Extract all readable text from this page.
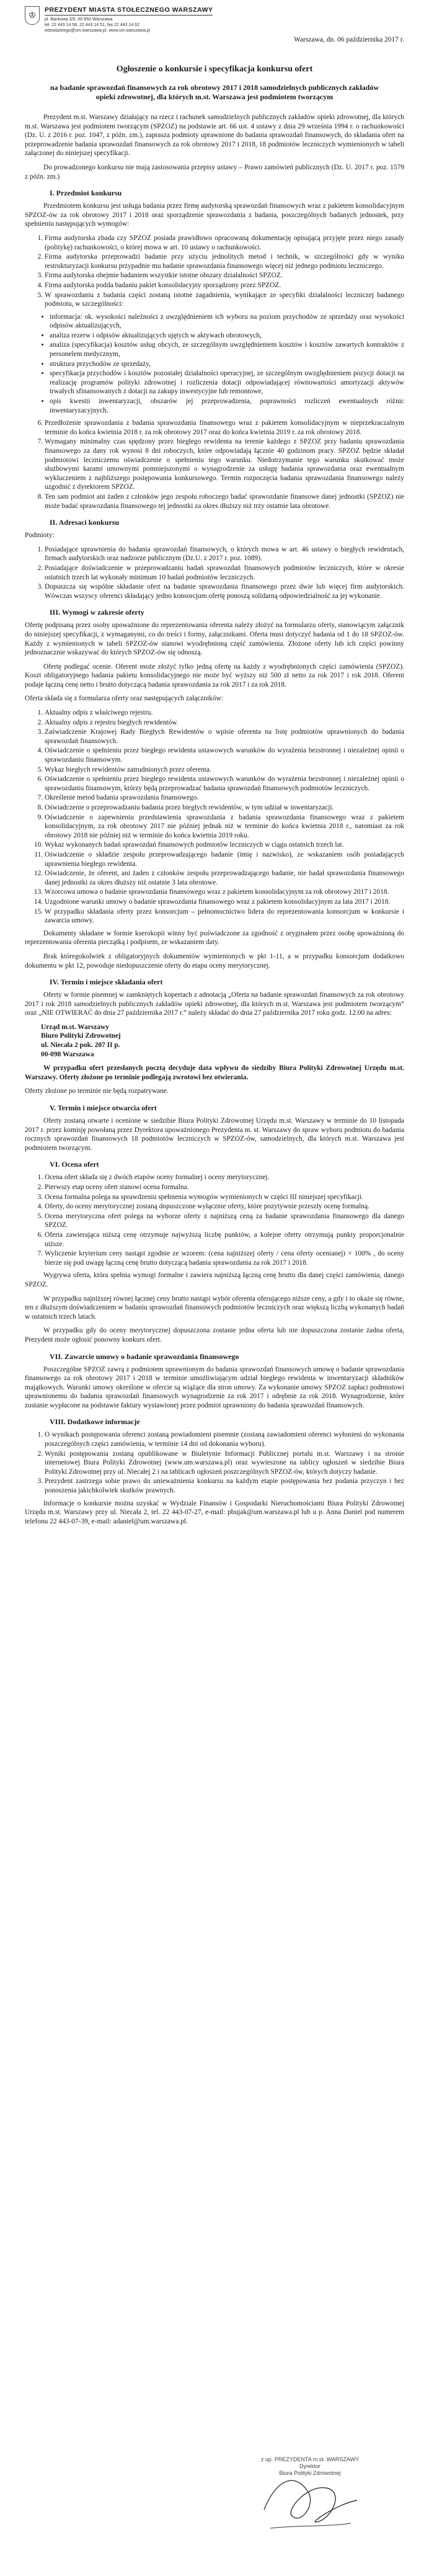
♔
PREZYDENT MIASTA STOŁECZNEGO WARSZAWY
pl. Bankowy 3/5, 00-950 Warszawa
tel. 22 443 14 58, 22 443 14 51, fax 22 443 14 62
edzwiazkiego@um.warszawa.pl, www.um.warszawa.pl
Warszawa, dn. 06 października 2017 r.
Ogłoszenie o konkursie i specyfikacja konkursu ofert
na badanie sprawozdań finansowych za rok obrotowy 2017 i 2018 samodzielnych publicznych zakładów opieki zdrowotnej, dla których m.st. Warszawa jest podmiotem tworzącym

Prezydent m.st. Warszawy działający na rzecz i rachunek samodzielnych publicznych zakładów opieki zdrowotnej, dla których m.st. Warszawa jest podmiotem tworzącym (SPZOZ) na podstawie art. 66 ust. 4 ustawy z dnia 29 września 1994 r. o rachunkowości (Dz. U. z 2016 r. poz. 1047, z późn. zm.), zaprasza podmioty uprawnione do badania sprawozdań finansowych, do składania ofert na przeprowadzenie badania sprawozdań finansowych za rok obrotowy 2017 i 2018, 18 podmiotów leczniczych wymienionych w tabeli załączonej do niniejszej specyfikacji.

Do prowadzonego konkursu nie mają zastosowania przepisy ustawy – Prawo zamówień publicznych (Dz. U. 2017 r. poz. 1579 z późn. zm.)

I. Przedmiot konkursu

Przedmiotem konkursu jest usługa badania przez firmę audytorską sprawozdań finansowych wraz z pakietem konsolidacyjnym SPZOZ-ów za rok obrotowy 2017 i 2018 oraz sporządzenie sprawozdania z badania, poszczególnych badanych jednostek, przy spełnieniu następujących wymogów:

1. Firma audytorska zbada czy SPZOZ posiada prawidłowo opracowaną dokumentację opisującą przyjęte przez niego zasady (politykę) rachunkowości, o której mowa w art. 10 ustawy o rachunkowości.
2. Firma audytorska przeprowadzi badanie przy użyciu jednolitych metod i technik, w szczególności gdy w wyniku restrukturyzacji konkursu przypadnie mu badanie sprawozdania finansowego więcej niż jednego podmiotu leczniczego.
3. Firma audytorska obejmie badaniem wszystkie istotne obszary działalności SPZOZ.
4. Firma audytorska podda badaniu pakiet konsolidacyjny sporządzony przez SPZOZ.
5. W sprawozdaniu z badania części zostaną istotne zagadnienia, wynikające ze specyfiki działalności leczniczej badanego podmiotu, w szczególności:
• informacja: ok. wysokości należności z uwzględnieniem ich wyboru na poziom przychodów ze sprzedaży oraz wysokości odpisów aktualizujących,
• analiza rezerw i odpisów aktualizujących ujętych w aktywach obrotowych,
• analiza (specyfikacja) kosztów usług obcych, ze szczególnym uwzględnieniem kosztów i kosztów zawartych kontraktów z personelem medycznym,
• struktura przychodów ze sprzedaży,
• specyfikacja przychodów i kosztów pozostałej działalności operacyjnej, ze szczególnym uwzględnieniem pozycji dotacji na realizację programów polityki zdrowotnej i rozliczenia dotacji odpowiadającej równowartości amortyzacji aktywów trwałych sfinansowanych z dotacji na zakupy inwestycyjne lub remontowe,
• opis kwestii inwentaryzacji, obszarów jej przeprowadzenia, poprawności rozliczeń ewentualnych różnic inwentaryzacyjnych.
6. Przedłożenie sprawozdania z badania sprawozdania finansowego wraz z pakietem konsolidacyjnym w nieprzekraczalnym terminie do końca kwietnia 2018 r. za rok obrotowy 2017 oraz do końca kwietnia 2019 r. za rok obrotowy 2018.
7. Wymagany minimalny czas spędzony przez biegłego rewidenta na terenie każdego z SPZOZ przy badaniu sprawozdania finansowego za dany rok wynosi 8 dni roboczych, które odpowiadają łącznie 40 godzinom pracy. SPZOZ będzie składał podmiotowi leczniczemu oświadczenie o spełnieniu tego warunku. Niedotrzymanie tego warunku skutkować może służbowymi karami umownymi pomniejszonymi o wynagrodzenie za usługę badania sprawozdania oraz ewentualnym wykluczeniem z najbliższego postępowania konkursowego. Termin rozpoczęcia badania sprawozdania finansowego należy uzgodnić z dyrektorem SPZOZ.
8. Ten sam podmiot ani żaden z członków jego zespołu roboczego badać sprawozdanie finansowe danej jednostki (SPZOZ) nie może badać sprawozdania finansowego tej jednostki za okres dłuższy niż trzy ostatnie lata obrotowe.
II. Adresaci konkursu

Podmioty:

1. Posiadające uprawnienia do badania sprawozdań finansowych, o których mowa w art. 46 ustawy o biegłych rewidentach, firmach audytorskich oraz nadzorze publicznym (Dz.U. z 2017 r. poz. 1089).
2. Posiadające doświadczenie w przeprowadzaniu badań sprawozdań finansowych podmiotów leczniczych, które w okresie ostatnich trzech lat wykonały minimum 10 badań podmiotów leczniczych.
3. Dopuszcza się wspólne składanie ofert na badanie sprawozdania finansowego przez dwie lub więcej firm audytorskich. Wówczas wszyscy oferenci składający jedno konsorcjum ofertę ponoszą solidarną odpowiedzialność za jej wykonanie.
III. Wymogi w zakresie oferty

Ofertę podpisaną przez osoby upoważnione do reprezentowania oferenta należy złożyć na formularzu oferty, stanowiącym załącznik do niniejszej specyfikacji, z wymaganymi, co do treści i formy, załącznikami. Oferta musi dotyczyć badania od 1 do 18 SPZOZ-ów. Każdy z wymienionych w tabeli SPZOZ-ów stanowi wyodrębnioną część zamówienia. Złożone oferty lub ich części powinny jednoznacznie wskazywać do których SPZOZ-ów się odnoszą.

Ofertę podlegać ocenie. Oferent może złożyć tylko jedną ofertę na każdy z wyodrębnionych części zamówienia (SPZOZ). Koszt obligatoryjnego badania pakietu konsolidacyjnego nie może być wyższy niż 500 zł netto za rok 2017 i rok 2018. Oferent podaje łączną cenę netto i brutto dotyczącą badania sprawozdania za rok 2017 i za rok 2018.

Oferta składa się z formularza oferty oraz następujących załączników:

1. Aktualny odpis z właściwego rejestru.
2. Aktualny odpis z rejestru biegłych rewidentów.
3. Zaświadczenie Krajowej Rady Biegłych Rewidentów o wpisie oferenta na listę podmiotów uprawnionych do badania sprawozdań finansowych.
4. Oświadczenie o spełnieniu przez biegłego rewidenta ustawowych warunków do wyrażenia bezstronnej i niezależnej opinii o sprawozdaniu finansowym.
5. Wykaz biegłych rewidentów zatrudnionych przez oferenta.
6. Oświadczenie o spełnieniu przez biegłego rewidenta ustawowych warunków do wyrażenia bezstronnej i niezależnej opinii o sprawozdaniu finansowym, którzy będą przeprowadzać badania sprawozdań finansowych podmiotów leczniczych.
7. Określenie metod badania sprawozdania finansowego.
8. Oświadczenie o przeprowadzaniu badania przez biegłych rewidentów, w tym udział w inwentaryzacji.
9. Oświadczenie o zapewnieniu przedstawienia sprawozdania z badania sprawozdania finansowego wraz z pakietem konsolidacyjnym, za rok obrotowy 2017 nie później jednak niż w terminie do końca kwietnia 2018 r., natomiast za rok obrotowy 2018 nie później niż w terminie do końca kwietnia 2019 roku.
10. Wykaz wykonanych badań sprawozdań finansowych podmiotów leczniczych w ciągu ostatnich trzech lat.
11. Oświadczenie o składzie zespołu przeprowadzającego badanie (imię i nazwisko), ze wskazaniem osób posiadających uprawnienia biegłego rewidenta.
12. Oświadczenie, że oferent, ani żaden z członków zespołu przeprowadzającego badanie, nie badał sprawozdania finansowego danej jednostki za okres dłuższy niż ostatnie 3 lata obrotowe.
13. Wzorcowa umowa o badanie sprawozdania finansowego wraz z pakietem konsolidacyjnym za rok obrotowy 2017 i 2018.
14. Uzgodnione warunki umowy o badanie sprawozdania finansowego wraz z pakietem konsolidacyjnym za lata 2017 i 2018.
15. W przypadku składania oferty przez konsorcjum – pełnomocnictwo lidera do reprezentowania konsorcjum w konkursie i zawarcia umowy.

Dokumenty składane w formie kserokopii winny być poświadczone za zgodność z oryginałem przez osobę upoważnioną do reprezentowania oferenta pieczątką i podpisem, ze wskazaniem daty.

Brak któregokolwiek z obligatoryjnych dokumentów wymienionych w pkt 1-11, a w przypadku konsorcjum dodatkowo dokumentu w pkt 12, powoduje niedopuszczenie oferty do etapu oceny merytorycznej.

IV. Termin i miejsce składania ofert

Oferty w formie pisemnej w zamkniętych kopertach z adnotacją „Oferta na badanie sprawozdań finansowych za rok obrotowy 2017 i rok 2018 samodzielnych publicznych zakładów opieki zdrowotnej, dla których m.st. Warszawa jest podmiotem tworzącym” oraz „NIE OTWIERAĆ do dnia 27 października 2017 r.” należy składać do dnia 27 października 2017 roku godz. 12.00 na adres:

Urząd m.st. Warszawy
Biuro Polityki Zdrowotnej
ul. Niecała 2 pok. 207 II p.
00-098 Warszawa

W przypadku ofert przesłanych pocztą decyduje data wpływu do siedziby Biura Polityki Zdrowotnej Urzędu m.st. Warszawy. Oferty złożone po terminie podlegają zwrotowi bez otwierania.

Oferty złożone po terminie nie będą rozpatrywane.

V. Termin i miejsce otwarcia ofert

Oferty zostaną otwarte i ocenione w siedzibie Biura Polityki Zdrowotnej Urzędu m.st. Warszawy w terminie do 10 listopada 2017 r. przez komisję powołaną przez Dyrektora upoważnionego Prezydenta m. st. Warszawy do spraw wyboru podmiotu do badania rocznych sprawozdań finansowych 18 podmiotów leczniczych w SPZOZ-ów, samodzielnych, dla których m.st. Warszawa jest podmiotem tworzącym.

VI. Ocena ofert
1. Ocena ofert składa się z dwóch etapów oceny formalnej i oceny merytorycznej.
2. Pierwszy etap oceny ofert stanowi ocena formalna.
3. Ocena formalna polega na sprawdzeniu spełnienia wymogów wymienionych w części III niniejszej specyfikacji.
4. Oferty, do oceny merytorycznej zostaną dopuszczone wyłącznie oferty, które pozytywnie przeszły ocenę formalną.
5. Ocena merytoryczna ofert polega na wyborze oferty z najniższą ceną za badanie sprawozdania finansowego dla danego SPZOZ.
6. Oferta zawierająca niższą cenę otrzymuje najwyższą liczbę punktów, a kolejne oferty otrzymują punkty proporcjonalnie niższe.
7. Wyliczenie kryterium ceny nastąpi zgodnie ze wzorem: (cena najniższej oferty / cena oferty ocenianej) × 100% , do oceny bierze się pod uwagę łączną cenę brutto dotyczącą badania sprawozdania za rok 2017 i 2018.

Wygrywa oferta, która spełnia wymogi formalne i zawiera najniższą łączną cenę brutto dla danej części zamówienia, danego SPZOZ.

W przypadku najniższej równej łącznej ceny brutto nastąpi wybór oferenta oferującego niższe ceny, a gdy i to okaże się równe, ten z dłuższym doświadczeniem w badaniu sprawozdań finansowych podmiotów leczniczych oraz większą liczbą wykonanych badań w ostatnich trzech latach.

W przypadku gdy do oceny merytorycznej dopuszczona zostanie jedna oferta lub nie dopuszczona zostanie żadna oferta, Prezydent może ogłosić ponowny konkurs ofert.

VII. Zawarcie umowy o badanie sprawozdania finansowego

Poszczególne SPZOZ zawrą z podmiotem uprawnionym do badania sprawozdań finansowych umowę o badanie sprawozdania finansowego za rok obrotowy 2017 i 2018 w terminie umożliwiającym udział biegłego rewidenta w inwentaryzacji składników majątkowych. Warunki umowy określone w ofercie są wiążące dla stron umowy. Za wykonanie umowy SPZOZ zapłaci podmiotowi uprawnionemu do badania sprawozdań finansowych wynagrodzenie za rok 2017 i odrębnie za rok 2018. Wynagrodzenie, które zostanie wypłacone na podstawie faktury wystawionej przez podmiot uprawniony do badania sprawozdań finansowych.

VIII. Dodatkowe informacje
1. O wynikach postępowania oferenci zostaną powiadomieni pisemnie (zostaną zawiadomieni oferenci wyłonieni do wykonania poszczególnych części zamówienia, w terminie 14 dni od dokonania wyboru).
2. Wyniki postępowania zostaną opublikowane w Biuletynie Informacji Publicznej portalu m.st. Warszawy i na stronie internetowej Biura Polityki Zdrowotnej (www.um.warszawa.pl) oraz wywieszone na tablicy ogłoszeń w siedzibie Biura Polityki Zdrowotnej przy ul. Niecałej 2 i na tablicach ogłoszeń poszczególnych SPZOZ-ów, których dotyczy badanie.
3. Prezydent zastrzega sobie prawo do unieważnienia konkursu na każdym etapie postępowania bez podania przyczyn i bez ponoszenia jakichkolwiek skutków prawnych.

Informacje o konkursie można uzyskać w Wydziale Finansów i Gospodarki Nieruchomościami Biura Polityki Zdrowotnej Urzędu m.st. Warszawy przy ul. Niecała 2, tel. 22 443-07-27, e-mail: pbujak@um.warszawa.pl lub u p. Anna Daniel pod numerem telefonu 22 443-07-39, e-mail: adaniel@um.warszawa.pl.

z up. PREZYDENTA m.st. WARSZAWY
Dyrektor
Biura Polityki Zdrowotnej
